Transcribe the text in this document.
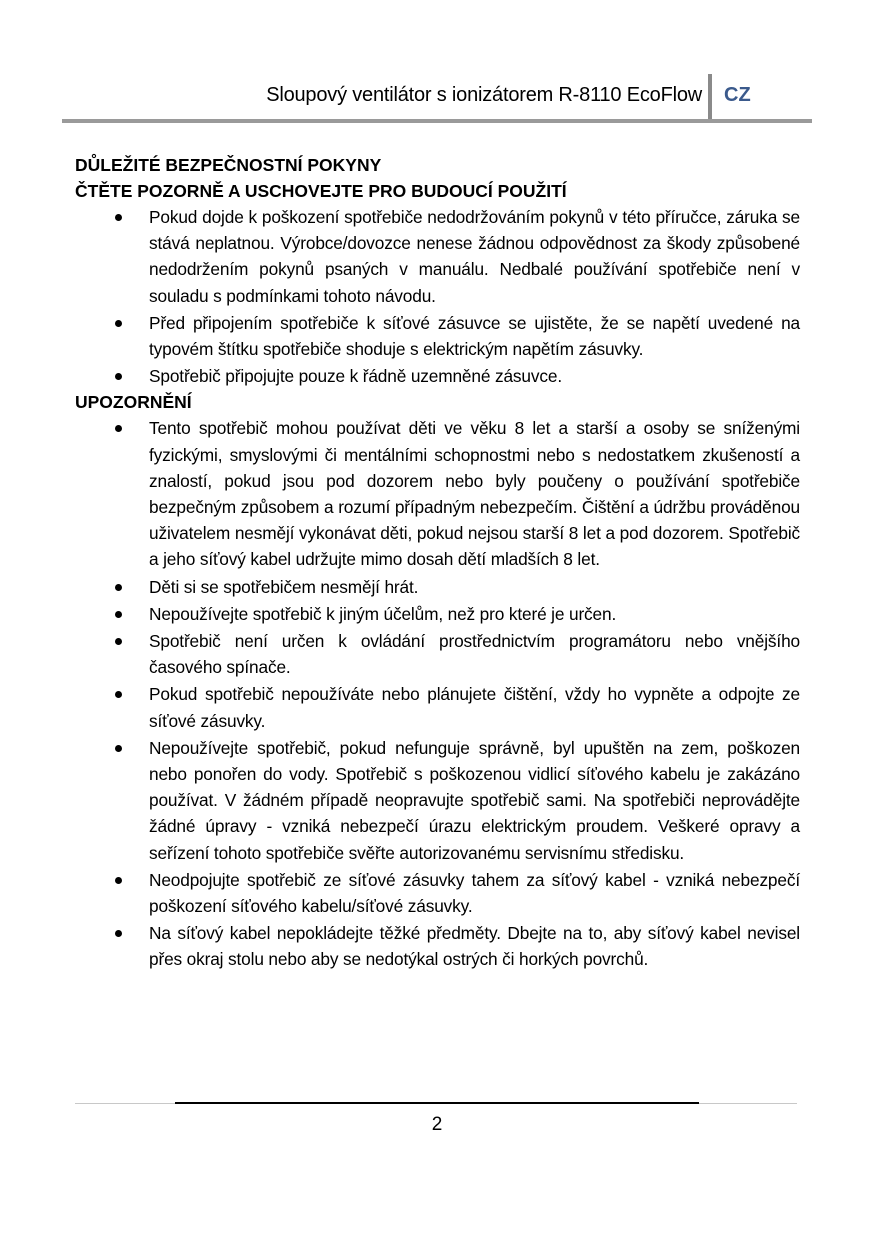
Sloupový ventilátor s ionizátorem R-8110 EcoFlow CZ
DŮLEŽITÉ BEZPEČNOSTNÍ POKYNY
ČTĚTE POZORNĚ A USCHOVEJTE PRO BUDOUCÍ POUŽITÍ
Pokud dojde k poškození spotřebiče nedodržováním pokynů v této příručce, záruka se stává neplatnou. Výrobce/dovozce nenese žádnou odpovědnost za škody způsobené nedodržením pokynů psaných v manuálu. Nedbalé používání spotřebiče není v souladu s podmínkami tohoto návodu.
Před připojením spotřebiče k síťové zásuvce se ujistěte, že se napětí uvedené na typovém štítku spotřebiče shoduje s elektrickým napětím zásuvky.
Spotřebič připojujte pouze k řádně uzemněné zásuvce.
UPOZORNĚNÍ
Tento spotřebič mohou používat děti ve věku 8 let a starší a osoby se sníženými fyzickými, smyslovými či mentálními schopnostmi nebo s nedostatkem zkušeností a znalostí, pokud jsou pod dozorem nebo byly poučeny o používání spotřebiče bezpečným způsobem a rozumí případným nebezpečím. Čištění a údržbu prováděnou uživatelem nesmějí vykonávat děti, pokud nejsou starší 8 let a pod dozorem. Spotřebič a jeho síťový kabel udržujte mimo dosah dětí mladších 8 let.
Děti si se spotřebičem nesmějí hrát.
Nepoužívejte spotřebič k jiným účelům, než pro které je určen.
Spotřebič není určen k ovládání prostřednictvím programátoru nebo vnějšího časového spínače.
Pokud spotřebič nepoužíváte nebo plánujete čištění, vždy ho vypněte a odpojte ze síťové zásuvky.
Nepoužívejte spotřebič, pokud nefunguje správně, byl upuštěn na zem, poškozen nebo ponořen do vody. Spotřebič s poškozenou vidlicí síťového kabelu je zakázáno používat. V žádném případě neopravujte spotřebič sami. Na spotřebiči neprovádějte žádné úpravy - vzniká nebezpečí úrazu elektrickým proudem. Veškeré opravy a seřízení tohoto spotřebiče svěřte autorizovanému servisnímu středisku.
Neodpojujte spotřebič ze síťové zásuvky tahem za síťový kabel - vzniká nebezpečí poškození síťového kabelu/síťové zásuvky.
Na síťový kabel nepokládejte těžké předměty. Dbejte na to, aby síťový kabel nevisel přes okraj stolu nebo aby se nedotýkal ostrých či horkých povrchů.
2
